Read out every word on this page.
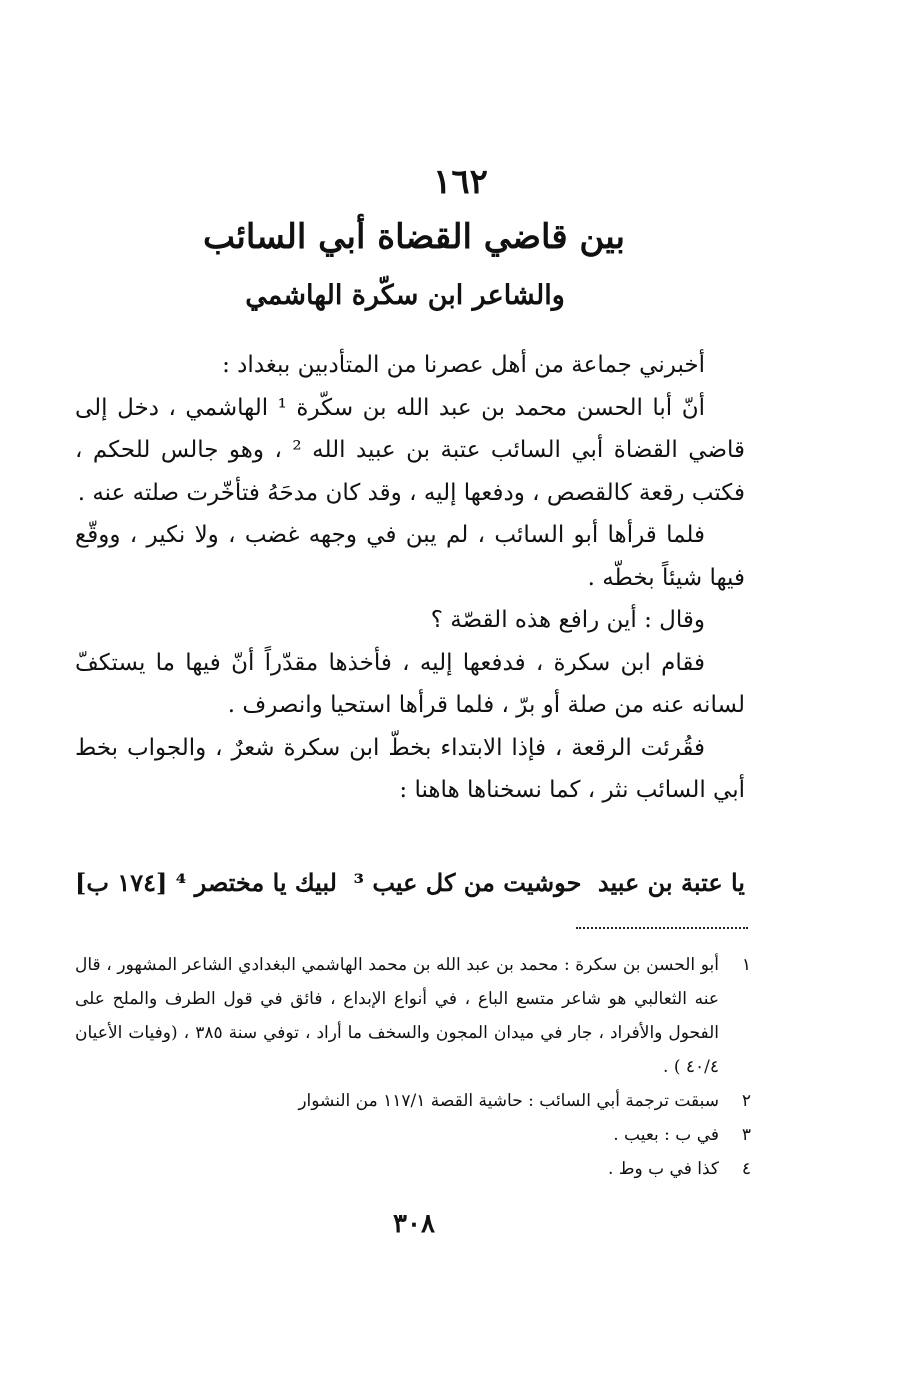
١٦٢
بين قاضي القضاة أبي السائب
والشاعر ابن سكّرة الهاشمي

أخبرني جماعة من أهل عصرنا من المتأدبين ببغداد :

أنّ أبا الحسن محمد بن عبد الله بن سكّرة ¹ الهاشمي ، دخل إلى قاضي القضاة أبي السائب عتبة بن عبيد الله ² ، وهو جالس للحكم ، فكتب رقعة كالقصص ، ودفعها إليه ، وقد كان مدحَهُ فتأخّرت صلته عنه .

فلما قرأها أبو السائب ، لم يبن في وجهه غضب ، ولا نكير ، ووقّع فيها شيئاً بخطّه .

وقال : أين رافع هذه القصّة ؟

فقام ابن سكرة ، فدفعها إليه ، فأخذها مقدّراً أنّ فيها ما يستكفّ لسانه عنه من صلة أو برّ ، فلما قرأها استحيا وانصرف .

فقُرئت الرقعة ، فإذا الابتداء بخطّ ابن سكرة شعرٌ ، والجواب بخط أبي السائب نثر ، كما نسخناها هاهنا :

يا عتبة بن عبيد
حوشيت من كل عيب ³
لبيك يا مختصر ⁴ [١٧٤ ب]
١
أبو الحسن بن سكرة : محمد بن عبد الله بن محمد الهاشمي البغدادي الشاعر المشهور ، قال عنه الثعالبي هو شاعر متسع الباع ، في أنواع الإبداع ، فائق في قول الطرف والملح على الفحول والأفراد ، جار في ميدان المجون والسخف ما أراد ، توفي سنة ٣٨٥ ، (وفيات الأعيان ٤٠/٤ ) .
٢
سبقت ترجمة أبي السائب : حاشية القصة ١١٧/١ من النشوار
٣
في ب : بعيب .
٤
كذا في ب وط .
٣٠٨
